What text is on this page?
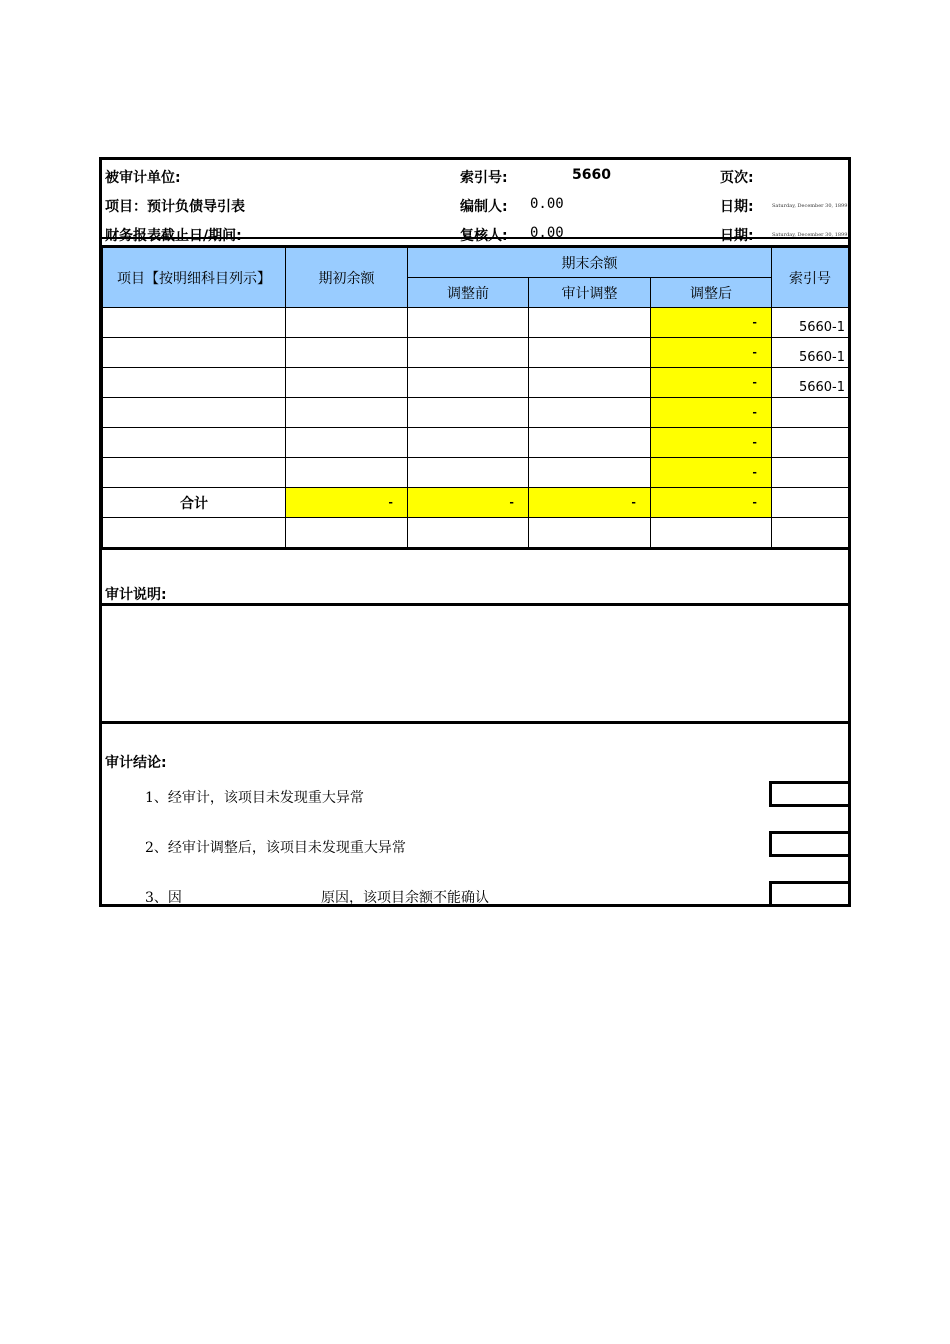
被审计单位:	索引号:	5660	页次:
项目：预计负债导引表	编制人: 0.00	日期:	Saturday, December 30, 1899
财务报表截止日/期间:	复核人: 0.00	日期:	Saturday, December 30, 1899
项目【按明细科目列示】	期初余额	期末余额			索引号
		调整前	审计调整	调整后	
				-	5660-1
				-	5660-1
				-	5660-1
				-	
				-	
				-	
合计	-	-	-	-	

审计说明:
审计结论:
1、经审计，该项目未发现重大异常
2、经审计调整后，该项目未发现重大异常
3、因	原因，该项目余额不能确认
